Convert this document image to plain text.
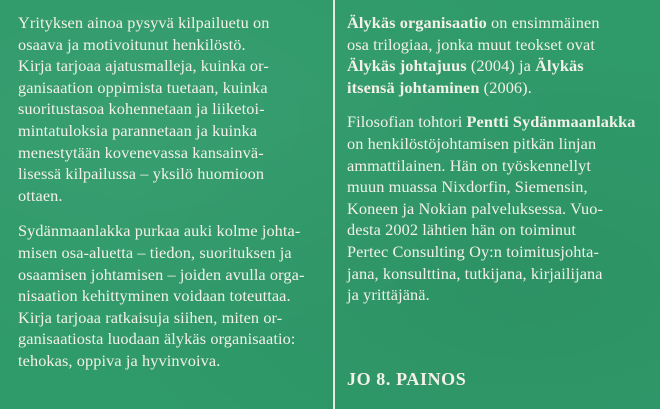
Yrityksen ainoa pysyvä kilpailuetu on
osaava ja motivoitunut henkilöstö.
Kirja tarjoaa ajatusmalleja, kuinka or-
ganisaation oppimista tuetaan, kuinka
suoritustasoa kohennetaan ja liiketoi-
mintatuloksia parannetaan ja kuinka
menestytään kovenevassa kansainvä-
lisessä kilpailussa – yksilö huomioon
ottaen.

Sydänmaanlakka purkaa auki kolme johta-
misen osa-aluetta – tiedon, suorituksen ja
osaamisen johtamisen – joiden avulla orga-
nisaation kehittyminen voidaan toteuttaa.
Kirja tarjoaa ratkaisuja siihen, miten or-
ganisaatiosta luodaan älykäs organisaatio:
tehokas, oppiva ja hyvinvoiva.

Älykäs organisaatio on ensimmäinen
osa trilogiaa, jonka muut teokset ovat
Älykäs johtajuus (2004) ja Älykäs
itsensä johtaminen (2006).

Filosofian tohtori Pentti Sydänmaanlakka
on henkilöstöjohtamisen pitkän linjan
ammattilainen. Hän on työskennellyt
muun muassa Nixdorfin, Siemensin,
Koneen ja Nokian palveluksessa. Vuo-
desta 2002 lähtien hän on toiminut
Pertec Consulting Oy:n toimitusjohta-
jana, konsulttina, tutkijana, kirjailijana
ja yrittäjänä.

JO 8. PAINOS
